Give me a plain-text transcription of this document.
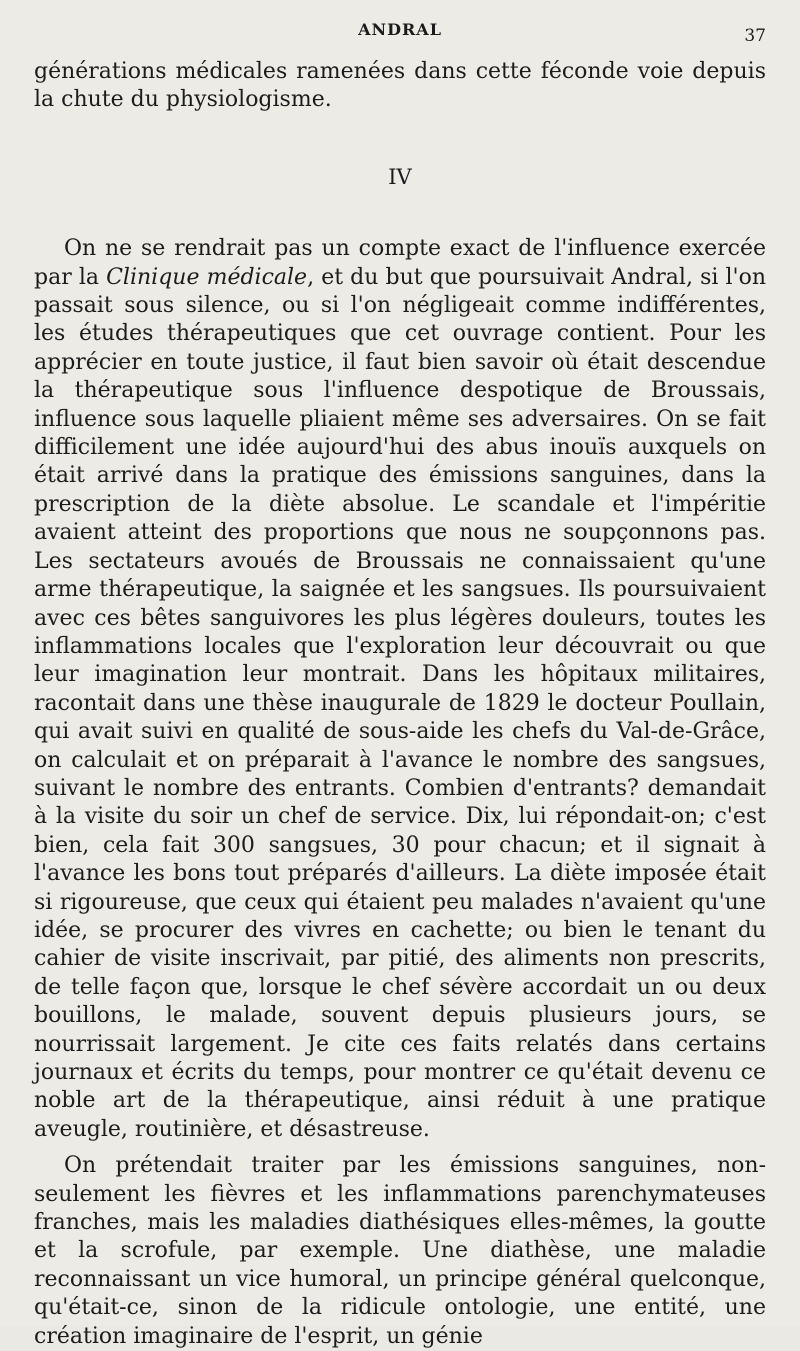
ANDRAL	37

générations médicales ramenées dans cette féconde voie depuis la chute du physiologisme.

IV

On ne se rendrait pas un compte exact de l'influence exercée par la Clinique médicale, et du but que poursuivait Andral, si l'on passait sous silence, ou si l'on négligeait comme indifférentes, les études thérapeutiques que cet ouvrage contient. Pour les apprécier en toute justice, il faut bien savoir où était descendue la thérapeutique sous l'influence despotique de Broussais, influence sous laquelle pliaient même ses adversaires. On se fait difficilement une idée aujourd'hui des abus inouïs auxquels on était arrivé dans la pratique des émissions sanguines, dans la prescription de la diète absolue. Le scandale et l'impéritie avaient atteint des proportions que nous ne soupçonnons pas. Les sectateurs avoués de Broussais ne connaissaient qu'une arme thérapeutique, la saignée et les sangsues. Ils poursuivaient avec ces bêtes sanguivores les plus légères douleurs, toutes les inflammations locales que l'exploration leur découvrait ou que leur imagination leur montrait. Dans les hôpitaux militaires, racontait dans une thèse inaugurale de 1829 le docteur Poullain, qui avait suivi en qualité de sous-aide les chefs du Val-de-Grâce, on calculait et on préparait à l'avance le nombre des sangsues, suivant le nombre des entrants. Combien d'entrants? demandait à la visite du soir un chef de service. Dix, lui répondait-on; c'est bien, cela fait 300 sangsues, 30 pour chacun; et il signait à l'avance les bons tout préparés d'ailleurs. La diète imposée était si rigoureuse, que ceux qui étaient peu malades n'avaient qu'une idée, se procurer des vivres en cachette; ou bien le tenant du cahier de visite inscrivait, par pitié, des aliments non prescrits, de telle façon que, lorsque le chef sévère accordait un ou deux bouillons, le malade, souvent depuis plusieurs jours, se nourrissait largement. Je cite ces faits relatés dans certains journaux et écrits du temps, pour montrer ce qu'était devenu ce noble art de la thérapeutique, ainsi réduit à une pratique aveugle, routinière, et désastreuse.

On prétendait traiter par les émissions sanguines, non-seulement les fièvres et les inflammations parenchymateuses franches, mais les maladies diathésiques elles-mêmes, la goutte et la scrofule, par exemple. Une diathèse, une maladie reconnaissant un vice humoral, un principe général quelconque, qu'était-ce, sinon de la ridicule ontologie, une entité, une création imaginaire de l'esprit, un génie
